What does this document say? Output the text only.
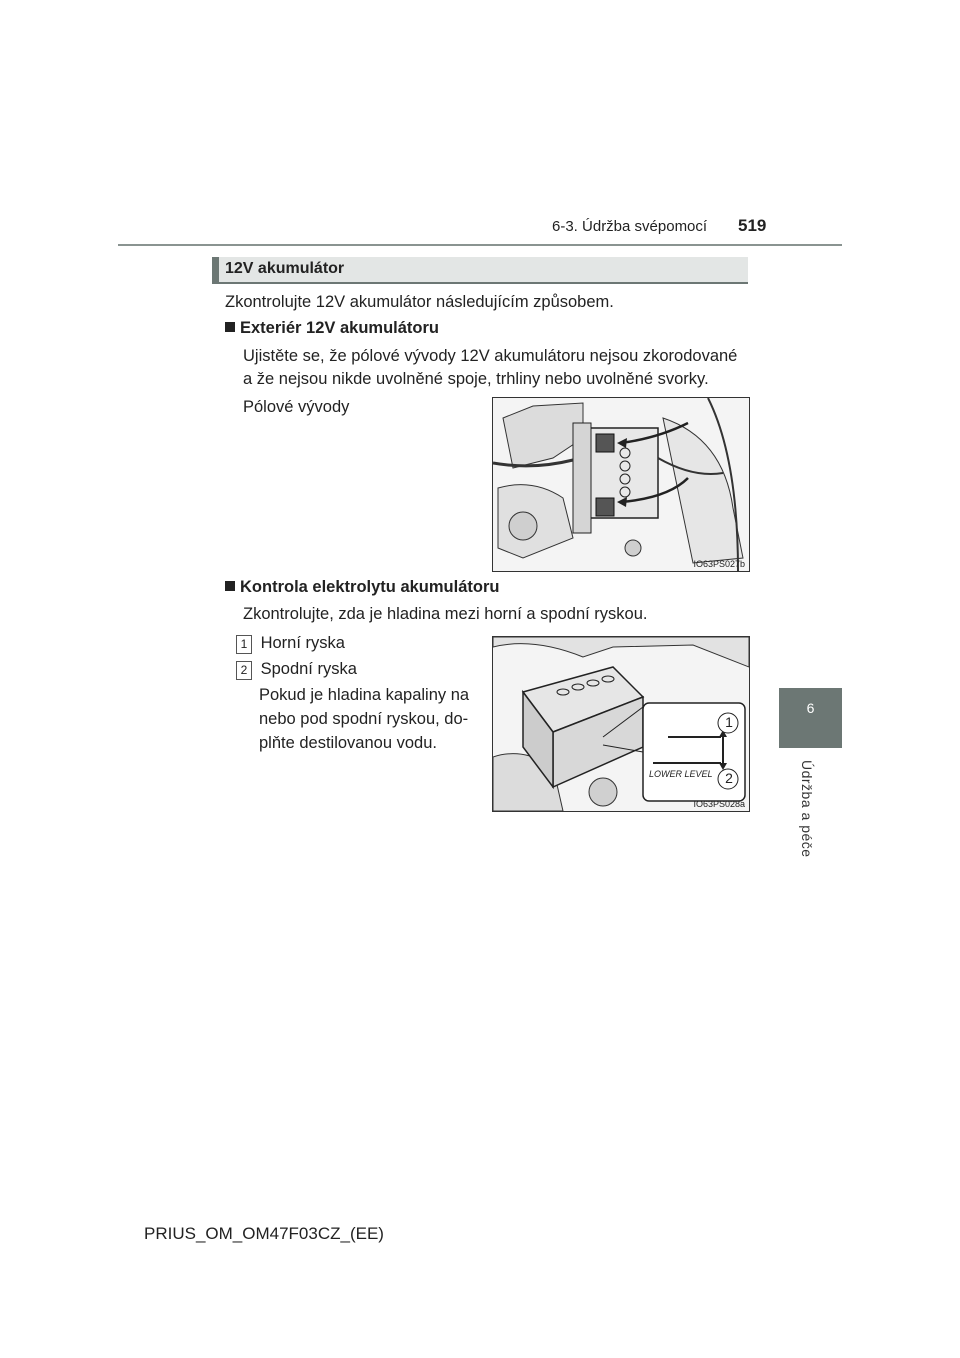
6-3. Údržba svépomocí 519
6
Údržba a péče
12V akumulátor
Zkontrolujte 12V akumulátor následujícím způsobem.
Exteriér 12V akumulátoru
Ujistěte se, že pólové vývody 12V akumulátoru nejsou zkorodované
a že nejsou nikde uvolněné spoje, trhliny nebo uvolněné svorky.
Pólové vývody
IO63PS027b
Kontrola elektrolytu akumulátoru
Zkontrolujte, zda je hladina mezi horní a spodní ryskou.
1 Horní ryska
2 Spodní ryska
Pokud je hladina kapaliny na
nebo pod spodní ryskou, do-
plňte destilovanou vodu.
1
2
LOWER LEVEL
IO63PS028a
PRIUS_OM_OM47F03CZ_(EE)
